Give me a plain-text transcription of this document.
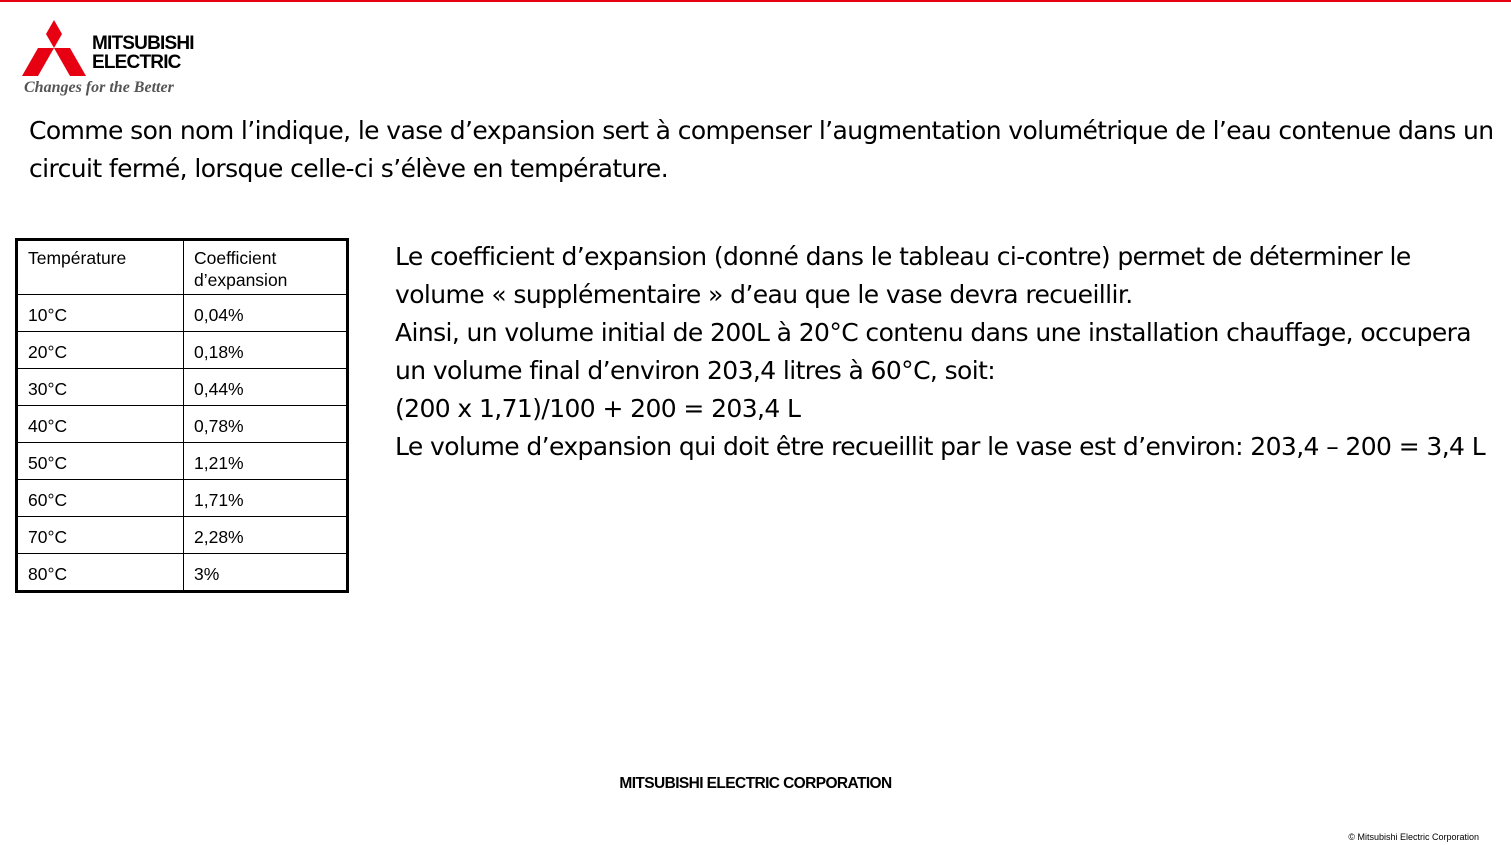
MITSUBISHI
ELECTRIC
Changes for the Better

Comme son nom l’indique, le vase d’expansion sert à compenser l’augmentation volumétrique de l’eau contenue dans un circuit fermé, lorsque celle-ci s’élève en température.

Température	Coefficient d’expansion
10°C	0,04%
20°C	0,18%
30°C	0,44%
40°C	0,78%
50°C	1,21%
60°C	1,71%
70°C	2,28%
80°C	3%

Le coefficient d’expansion (donné dans le tableau ci-contre) permet de déterminer le volume « supplémentaire » d’eau que le vase devra recueillir.

Ainsi, un volume initial de 200L à 20°C contenu dans une installation chauffage, occupera un volume final d’environ 203,4 litres à 60°C, soit:

(200 x 1,71)/100 + 200 = 203,4 L

Le volume d’expansion qui doit être recueillit par le vase est d’environ: 203,4 – 200 = 3,4 L

MITSUBISHI ELECTRIC CORPORATION
© Mitsubishi Electric Corporation
